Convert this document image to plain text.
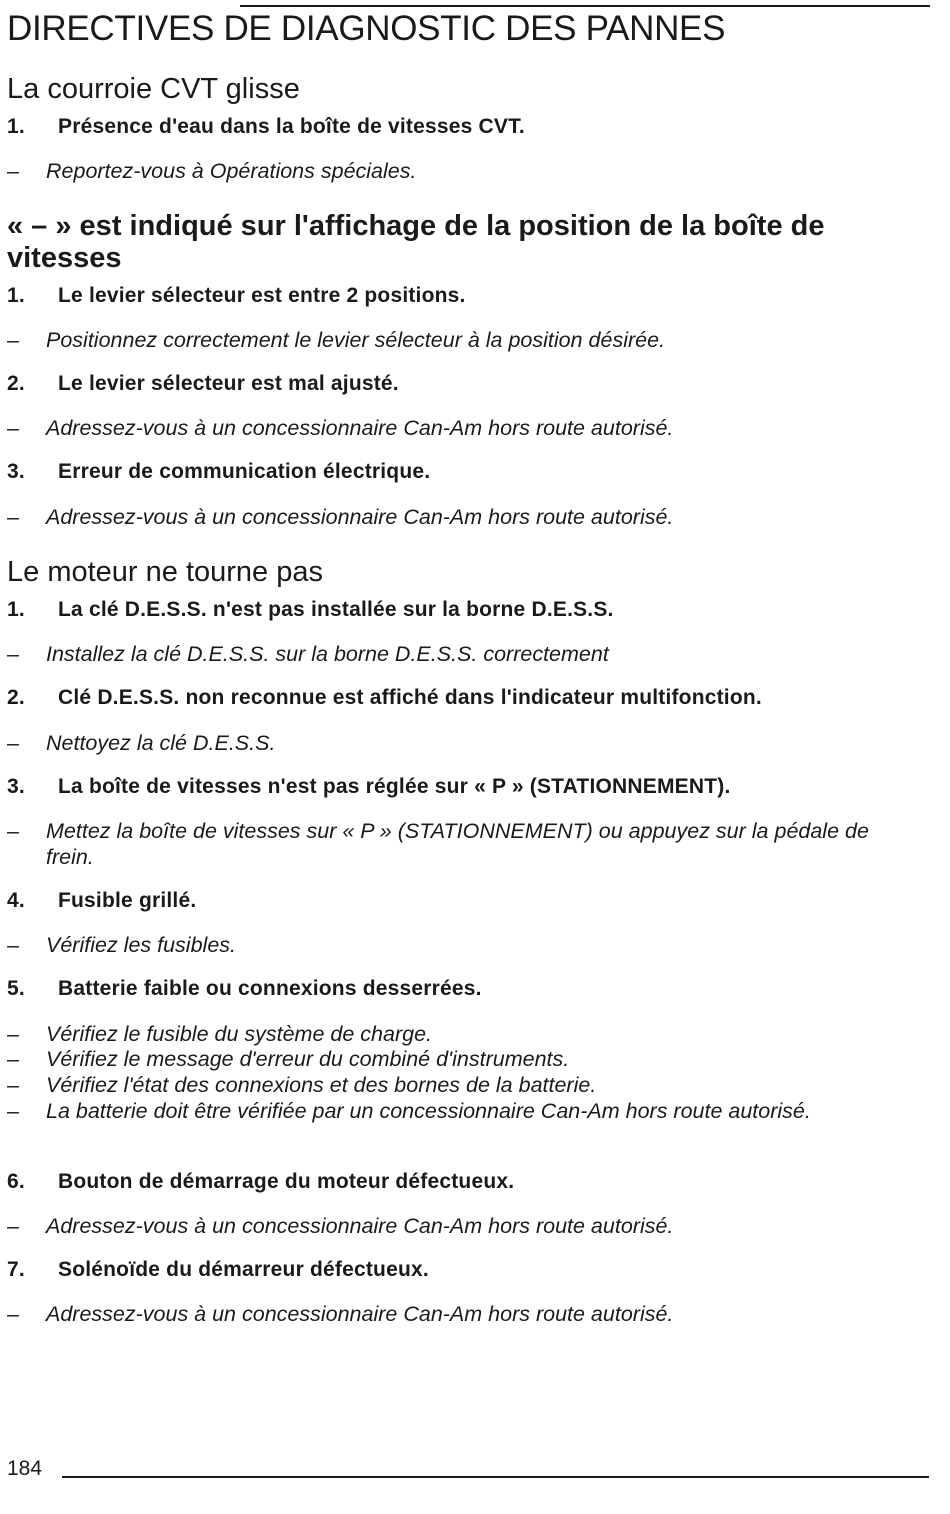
DIRECTIVES DE DIAGNOSTIC DES PANNES
La courroie CVT glisse
1. Présence d'eau dans la boîte de vitesses CVT.
– Reportez-vous à Opérations spéciales.
« – » est indiqué sur l'affichage de la position de la boîte de vitesses
1. Le levier sélecteur est entre 2 positions.
– Positionnez correctement le levier sélecteur à la position désirée.
2. Le levier sélecteur est mal ajusté.
– Adressez-vous à un concessionnaire Can-Am hors route autorisé.
3. Erreur de communication électrique.
– Adressez-vous à un concessionnaire Can-Am hors route autorisé.
Le moteur ne tourne pas
1. La clé D.E.S.S. n'est pas installée sur la borne D.E.S.S.
– Installez la clé D.E.S.S. sur la borne D.E.S.S. correctement
2. Clé D.E.S.S. non reconnue est affiché dans l'indicateur multifonction.
– Nettoyez la clé D.E.S.S.
3. La boîte de vitesses n'est pas réglée sur « P » (STATIONNEMENT).
– Mettez la boîte de vitesses sur « P » (STATIONNEMENT) ou appuyez sur la pédale de frein.
4. Fusible grillé.
– Vérifiez les fusibles.
5. Batterie faible ou connexions desserrées.
– Vérifiez le fusible du système de charge.
– Vérifiez le message d'erreur du combiné d'instruments.
– Vérifiez l'état des connexions et des bornes de la batterie.
– La batterie doit être vérifiée par un concessionnaire Can-Am hors route autorisé.
6. Bouton de démarrage du moteur défectueux.
– Adressez-vous à un concessionnaire Can-Am hors route autorisé.
7. Solénoïde du démarreur défectueux.
– Adressez-vous à un concessionnaire Can-Am hors route autorisé.
184
